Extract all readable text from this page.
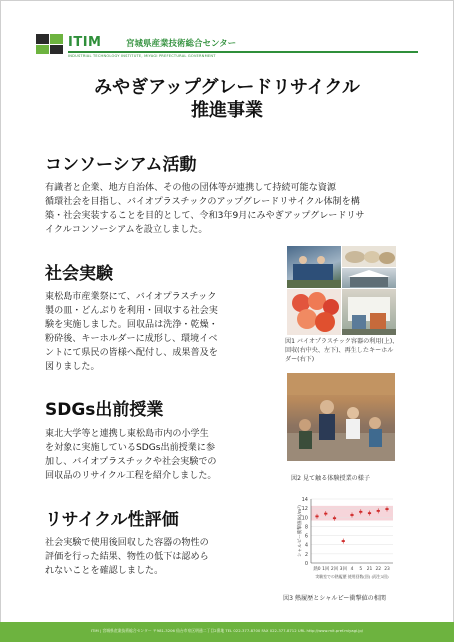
ITIM	宮城県産業技術総合センター
INDUSTRIAL TECHNOLOGY INSTITUTE, MIYAGI PREFECTURAL GOVERNMENT
みやぎアップグレードリサイクル
推進事業
コンソーシアム活動
有識者と企業、地方自治体、その他の団体等が連携して持続可能な資源
循環社会を目指し、バイオプラスチックのアップグレードリサイクル体制を構
築・社会実装することを目的として、令和3年9月にみやぎアップグレードリサ
イクルコンソーシアムを設立しました。
社会実験
東松島市産業祭にて、バイオプラスチック
製の皿・どんぶりを利用・回収する社会実
験を実施しました。回収品は洗浄・乾燥・
粉砕後、キーホルダーに成形し、環境イベ
ントにて県民の皆様へ配付し、成果普及を
図りました。
図1 バイオプラスチック容器の利用(上)、
回収(右中央、左下)、再生したキーホル
ダー(右下)
SDGs出前授業
東北大学等と連携し東松島市内の小学生
を対象に実施しているSDGs出前授業に参
加し、バイオプラスチックや社会実験での
回収品のリサイクル工程を紹介しました。	図2 見て触る体験授業の様子
リサイクル性評価
社会実験で使用後回収した容器の物性の
評価を行った結果、物性の低下は認めら
れないことを確認しました。
0
2
4
6
8
10
12
14
シャルピー衝撃値(kJ/m²)
熱0 1回 2回 3回 4 5 21 22 23
実験室での熱履歴 使用回数(回) (再生1回)
図3 熱履歴とシャルピー衝撃値の相関
ITIM | 宮城県産業技術総合センター 〒981-3206 仙台市泉区明通二丁目2番地 TEL 022-377-8700 FAX 022-377-8712 URL http://www.mit.pref.miyagi.jp/
